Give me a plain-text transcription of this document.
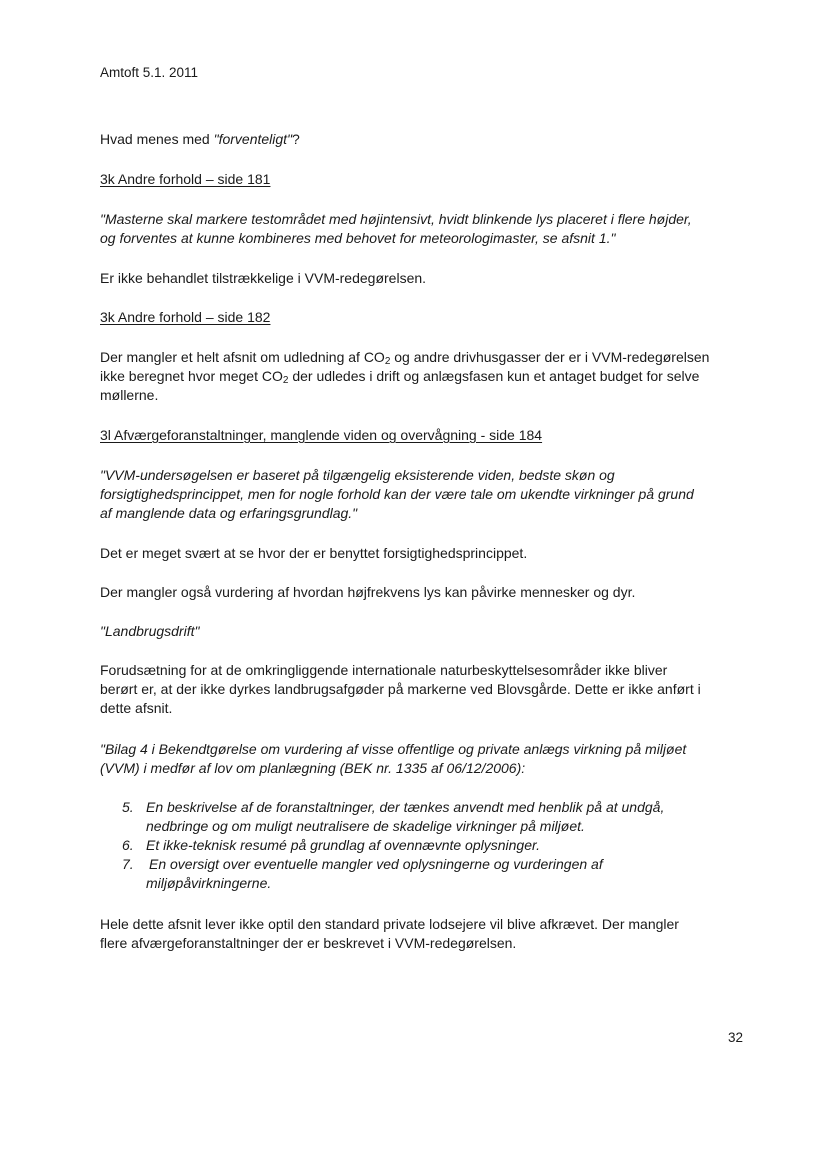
Amtoft 5.1. 2011
Hvad menes med "forventeligt"?
3k Andre forhold – side 181
"Masterne skal markere testområdet med højintensivt, hvidt blinkende lys placeret i flere højder,
og forventes at kunne kombineres med behovet for meteorologimaster, se afsnit 1."
Er ikke behandlet tilstrækkelige i VVM-redegørelsen.
3k Andre forhold – side 182
Der mangler et helt afsnit om udledning af $CO_2$ og andre drivhusgasser der er i VVM-redegørelsen
ikke beregnet hvor meget $CO_2$ der udledes i drift og anlægsfasen kun et antaget budget for selve
møllerne.
3l Afværgeforanstaltninger, manglende viden og overvågning - side 184
"VVM-undersøgelsen er baseret på tilgængelig eksisterende viden, bedste skøn og
forsigtighedsprincippet, men for nogle forhold kan der være tale om ukendte virkninger på grund
af manglende data og erfaringsgrundlag."
Det er meget svært at se hvor der er benyttet forsigtighedsprincippet.
Der mangler også vurdering af hvordan højfrekvens lys kan påvirke mennesker og dyr.
"Landbrugsdrift"
Forudsætning for at de omkringliggende internationale naturbeskyttelsesområder ikke bliver
berørt er, at der ikke dyrkes landbrugsafgøder på markerne ved Blovsgårde. Dette er ikke anført i
dette afsnit.
"Bilag 4 i Bekendtgørelse om vurdering af visse offentlige og private anlægs virkning på miljøet
(VVM) i medfør af lov om planlægning (BEK nr. 1335 af 06/12/2006):
5. En beskrivelse af de foranstaltninger, der tænkes anvendt med henblik på at undgå,
nedbringe og om muligt neutralisere de skadelige virkninger på miljøet.
6. Et ikke-teknisk resumé på grundlag af ovennævnte oplysninger.
7. En oversigt over eventuelle mangler ved oplysningerne og vurderingen af
miljøpåvirkningerne.
Hele dette afsnit lever ikke optil den standard private lodsejere vil blive afkrævet. Der mangler
flere afværgeforanstaltninger der er beskrevet i VVM-redegørelsen.
32
